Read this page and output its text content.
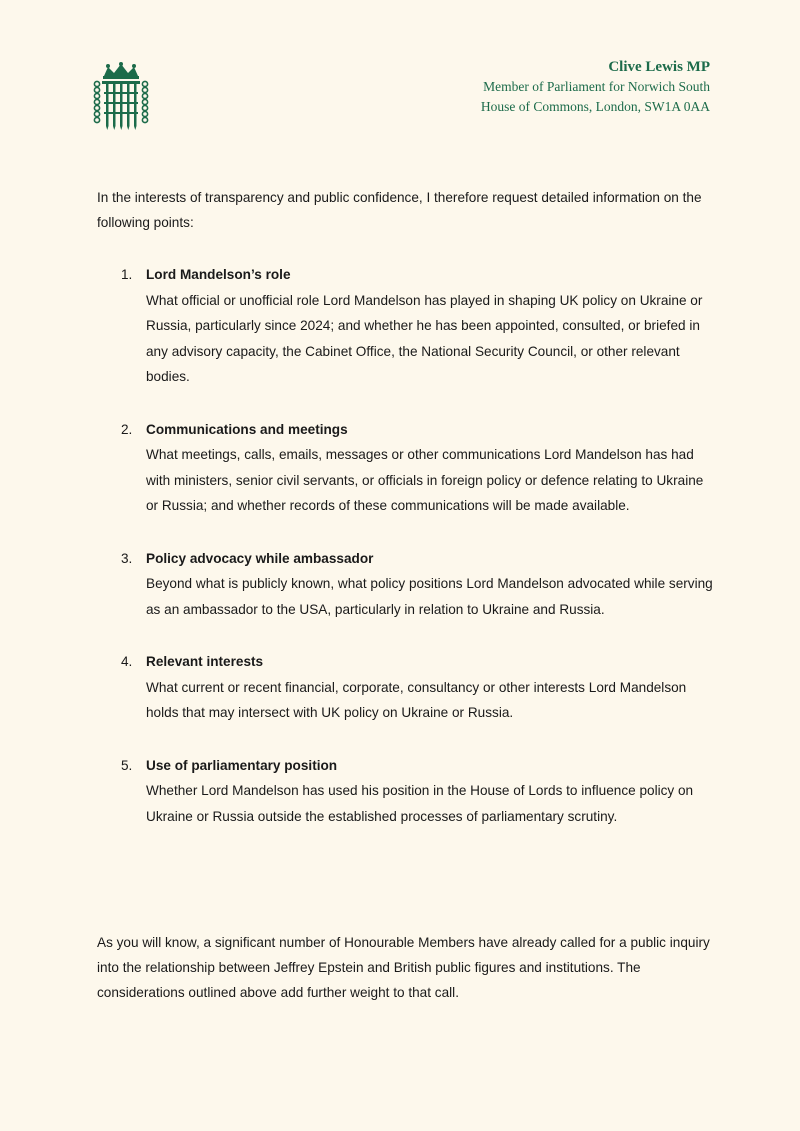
Clive Lewis MP
Member of Parliament for Norwich South
House of Commons, London, SW1A 0AA
In the interests of transparency and public confidence, I therefore request detailed information on the following points:
1. Lord Mandelson’s role
What official or unofficial role Lord Mandelson has played in shaping UK policy on Ukraine or Russia, particularly since 2024; and whether he has been appointed, consulted, or briefed in any advisory capacity, the Cabinet Office, the National Security Council, or other relevant bodies.
2. Communications and meetings
What meetings, calls, emails, messages or other communications Lord Mandelson has had with ministers, senior civil servants, or officials in foreign policy or defence relating to Ukraine or Russia; and whether records of these communications will be made available.
3. Policy advocacy while ambassador
Beyond what is publicly known, what policy positions Lord Mandelson advocated while serving as an ambassador to the USA, particularly in relation to Ukraine and Russia.
4. Relevant interests
What current or recent financial, corporate, consultancy or other interests Lord Mandelson holds that may intersect with UK policy on Ukraine or Russia.
5. Use of parliamentary position
Whether Lord Mandelson has used his position in the House of Lords to influence policy on Ukraine or Russia outside the established processes of parliamentary scrutiny.
As you will know, a significant number of Honourable Members have already called for a public inquiry into the relationship between Jeffrey Epstein and British public figures and institutions. The considerations outlined above add further weight to that call.
